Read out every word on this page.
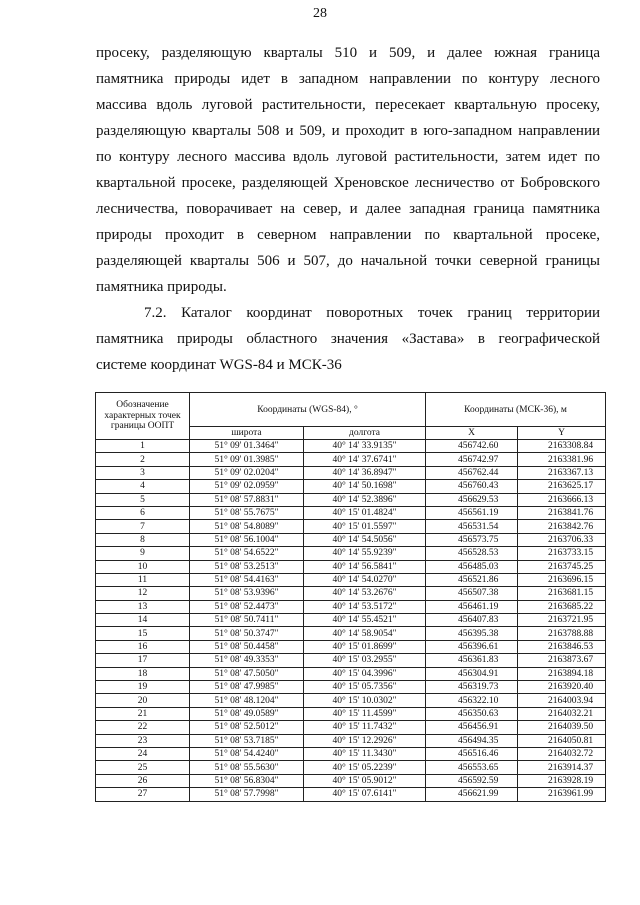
28
просеку, разделяющую кварталы 510 и 509, и далее южная граница
памятника природы идет в западном направлении по контуру лесного
массива вдоль луговой растительности, пересекает квартальную просеку,
разделяющую кварталы 508 и 509, и проходит в юго-западном направлении
по контуру лесного массива вдоль луговой растительности, затем идет по
квартальной просеке, разделяющей Хреновское лесничество от Бобровского
лесничества, поворачивает на север, и далее западная граница памятника
природы проходит в северном направлении по квартальной просеке,
разделяющей кварталы 506 и 507, до начальной точки северной границы
памятника природы.
7.2. Каталог координат поворотных точек границ территории
памятника природы областного значения «Застава» в географической
системе координат WGS-84 и МСК-36
Обозначение характерных точек границы ООПТ	Координаты (WGS-84), °		Координаты (МСК-36), м	
	широта	долгота	X	Y
1	51° 09' 01.3464"	40° 14' 33.9135"	456742.60	2163308.84
2	51° 09' 01.3985"	40° 14' 37.6741"	456742.97	2163381.96
3	51° 09' 02.0204"	40° 14' 36.8947"	456762.44	2163367.13
4	51° 09' 02.0959"	40° 14' 50.1698"	456760.43	2163625.17
5	51° 08' 57.8831"	40° 14' 52.3896"	456629.53	2163666.13
6	51° 08' 55.7675"	40° 15' 01.4824"	456561.19	2163841.76
7	51° 08' 54.8089"	40° 15' 01.5597"	456531.54	2163842.76
8	51° 08' 56.1004"	40° 14' 54.5056"	456573.75	2163706.33
9	51° 08' 54.6522"	40° 14' 55.9239"	456528.53	2163733.15
10	51° 08' 53.2513"	40° 14' 56.5841"	456485.03	2163745.25
11	51° 08' 54.4163"	40° 14' 54.0270"	456521.86	2163696.15
12	51° 08' 53.9396"	40° 14' 53.2676"	456507.38	2163681.15
13	51° 08' 52.4473"	40° 14' 53.5172"	456461.19	2163685.22
14	51° 08' 50.7411"	40° 14' 55.4521"	456407.83	2163721.95
15	51° 08' 50.3747"	40° 14' 58.9054"	456395.38	2163788.88
16	51° 08' 50.4458"	40° 15' 01.8699"	456396.61	2163846.53
17	51° 08' 49.3353"	40° 15' 03.2955"	456361.83	2163873.67
18	51° 08' 47.5050"	40° 15' 04.3996"	456304.91	2163894.18
19	51° 08' 47.9985"	40° 15' 05.7356"	456319.73	2163920.40
20	51° 08' 48.1204"	40° 15' 10.0302"	456322.10	2164003.94
21	51° 08' 49.0589"	40° 15' 11.4599"	456350.63	2164032.21
22	51° 08' 52.5012"	40° 15' 11.7432"	456456.91	2164039.50
23	51° 08' 53.7185"	40° 15' 12.2926"	456494.35	2164050.81
24	51° 08' 54.4240"	40° 15' 11.3430"	456516.46	2164032.72
25	51° 08' 55.5630"	40° 15' 05.2239"	456553.65	2163914.37
26	51° 08' 56.8304"	40° 15' 05.9012"	456592.59	2163928.19
27	51° 08' 57.7998"	40° 15' 07.6141"	456621.99	2163961.99
